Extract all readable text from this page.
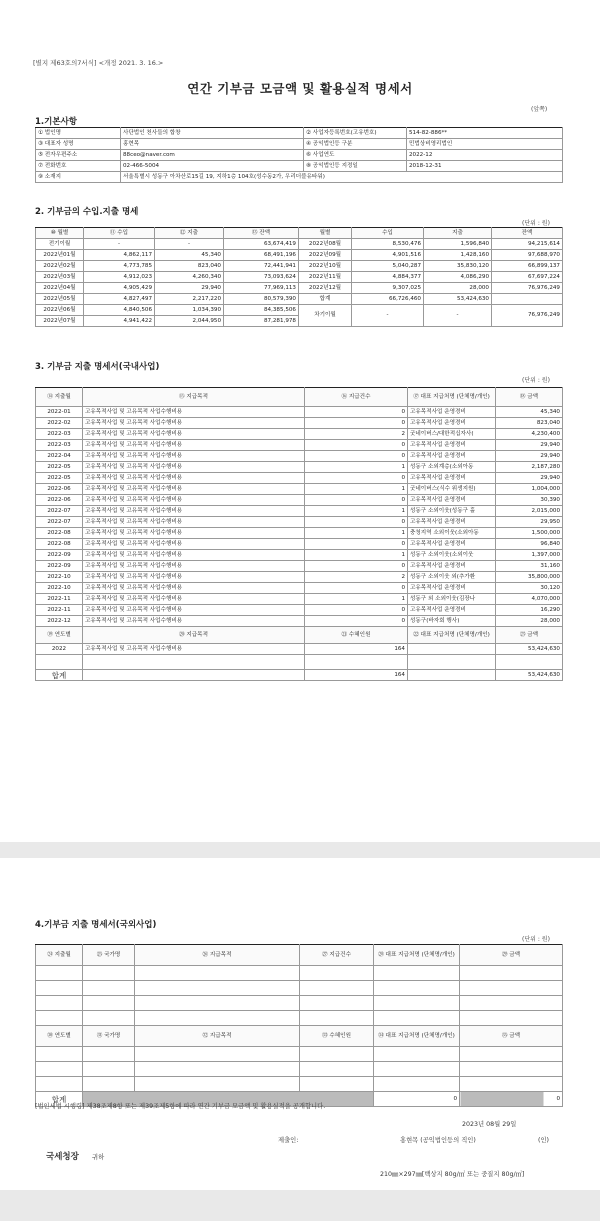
[별지 제63호의7서식] <개정 2021. 3. 16.>
연간 기부금 모금액 및 활용실적 명세서
(앞쪽)
1.기본사항
① 법인명	사단법인 천사들의 합창	② 사업자등록번호(고유번호)	514-82-886**
③ 대표자 성명	홍현목	④ 공익법인등 구분	민법상비영리법인
⑤ 전자우편주소	88ceo@naver.com	⑥ 사업연도	2022-12
⑦ 전화번호	02-466-5004	⑧ 공익법인등 지정일	2018-12-31
⑨ 소재지	서울특별시 성동구 아차산로15길 19, 지하1층 104호(성수동2가, 우리더블유타워)		
2. 기부금의 수입.지출 명세
(단위 : 원)
⑩ 월별	⑪ 수입	⑫ 지출	⑬ 잔액	월별	수입	지출	잔액
전기이월	-	-	63,674,419	2022년08월	8,530,476	1,596,840	94,215,614
2022년01월	4,862,117	45,340	68,491,196	2022년09월	4,901,516	1,428,160	97,688,970
2022년02월	4,773,785	823,040	72,441,941	2022년10월	5,040,287	35,830,120	66,899,137
2022년03월	4,912,023	4,260,340	73,093,624	2022년11월	4,884,377	4,086,290	67,697,224
2022년04월	4,905,429	29,940	77,969,113	2022년12월	9,307,025	28,000	76,976,249
2022년05월	4,827,497	2,217,220	80,579,390	합계	66,726,460	53,424,630	
2022년06월	4,840,506	1,034,390	84,385,506	차기이월	-	-	76,976,249
2022년07월	4,941,422	2,044,950	87,281,978				
3. 기부금 지출 명세서(국내사업)
(단위 : 원)
⑭ 지출월	⑮ 지급목적	⑯ 지급건수	⑰ 대표 지급처명 (단체명/개인)	⑱ 금액
2022-01	고유목적사업 및 고유목적 사업수행비용	0	고유목적사업 운영경비	45,340
2022-02	고유목적사업 및 고유목적 사업수행비용	0	고유목적사업 운영경비	823,040
2022-03	고유목적사업 및 고유목적 사업수행비용	2	굿네이버스/대한적십자사(	4,230,400
2022-03	고유목적사업 및 고유목적 사업수행비용	0	고유목적사업 운영경비	29,940
2022-04	고유목적사업 및 고유목적 사업수행비용	0	고유목적사업 운영경비	29,940
2022-05	고유목적사업 및 고유목적 사업수행비용	1	성동구 소외계층(소외아동	2,187,280
2022-05	고유목적사업 및 고유목적 사업수행비용	0	고유목적사업 운영경비	29,940
2022-06	고유목적사업 및 고유목적 사업수행비용	1	굿네이버스(식수 위생지원)	1,004,000
2022-06	고유목적사업 및 고유목적 사업수행비용	0	고유목적사업 운영경비	30,390
2022-07	고유목적사업 및 고유목적 사업수행비용	1	성동구 소외이웃(성동구 홀	2,015,000
2022-07	고유목적사업 및 고유목적 사업수행비용	0	고유목적사업 운영경비	29,950
2022-08	고유목적사업 및 고유목적 사업수행비용	1	충청지역 소외이웃(소외아동	1,500,000
2022-08	고유목적사업 및 고유목적 사업수행비용	0	고유목적사업 운영경비	96,840
2022-09	고유목적사업 및 고유목적 사업수행비용	1	성동구 소외이웃(소외이웃	1,397,000
2022-09	고유목적사업 및 고유목적 사업수행비용	0	고유목적사업 운영경비	31,160
2022-10	고유목적사업 및 고유목적 사업수행비용	2	성동구 소외이웃 외(추가환	35,800,000
2022-10	고유목적사업 및 고유목적 사업수행비용	0	고유목적사업 운영경비	30,120
2022-11	고유목적사업 및 고유목적 사업수행비용	1	성동구 외 소외이웃(김장나	4,070,000
2022-11	고유목적사업 및 고유목적 사업수행비용	0	고유목적사업 운영경비	16,290
2022-12	고유목적사업 및 고유목적 사업수행비용	0	성동구(바자회 행사)	28,000
⑲ 연도별	⑳ 지급목적	㉑ 수혜인원	㉒ 대표 지급처명 (단체명/개인)	㉓ 금액
2022	고유목적사업 및 고유목적 사업수행비용	164		53,424,630

합계		164		53,424,630
4.기부금 지출 명세서(국외사업)
(단위 : 원)
㉔ 지출월	㉕ 국가명	㉖ 지급목적	㉗ 지급건수	㉘ 대표 지급처명 (단체명/개인)	㉙ 금액

㉚ 연도별	㉛ 국가명	㉜ 지급목적	㉝ 수혜인원	㉞ 대표 지급처명 (단체명/개인)	㉟ 금액

합계				0	0
[법인세법 시행령] 제38조제8항 또는 제39조제5항에 따라 연간 기부금 모금액 및 활용실적을 공개합니다.
2023년 08월 29일
제출인:	홍현목 (공익법인등의 직인)	(인)
국세청장 귀하
210㎜×297㎜[백상지 80g/㎡ 또는 중질지 80g/㎡]
